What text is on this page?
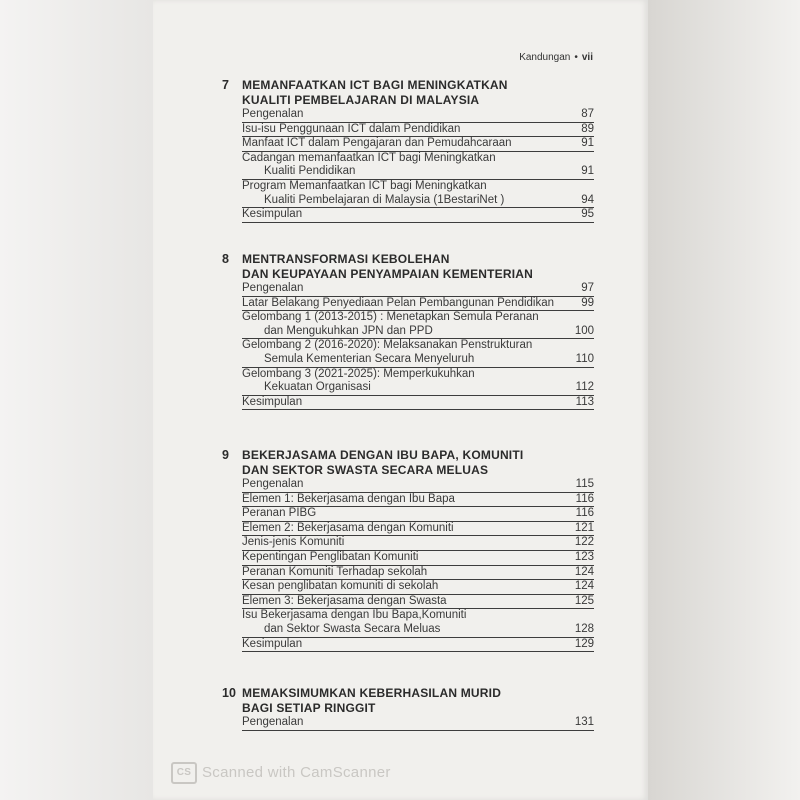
Kandungan • vii
7 MEMANFAATKAN ICT BAGI MENINGKATKAN
KUALITI PEMBELAJARAN DI MALAYSIA
Pengenalan	87
Isu-isu Penggunaan ICT dalam Pendidikan	89
Manfaat ICT dalam Pengajaran dan Pemudahcaraan	91
Cadangan memanfaatkan ICT bagi Meningkatkan
Kualiti Pendidikan	91
Program Memanfaatkan ICT bagi Meningkatkan
Kualiti Pembelajaran di Malaysia (1BestariNet )	94
Kesimpulan	95
8 MENTRANSFORMASI KEBOLEHAN
DAN KEUPAYAAN PENYAMPAIAN KEMENTERIAN
Pengenalan	97
Latar Belakang Penyediaan Pelan Pembangunan Pendidikan	99
Gelombang 1 (2013-2015) : Menetapkan Semula Peranan
dan Mengukuhkan JPN dan PPD	100
Gelombang 2 (2016-2020): Melaksanakan Penstrukturan
Semula Kementerian Secara Menyeluruh	110
Gelombang 3 (2021-2025): Memperkukuhkan
Kekuatan Organisasi	112
Kesimpulan	113
9 BEKERJASAMA DENGAN IBU BAPA, KOMUNITI
DAN SEKTOR SWASTA SECARA MELUAS
Pengenalan	115
Elemen 1: Bekerjasama dengan Ibu Bapa	116
Peranan PIBG	116
Elemen 2: Bekerjasama dengan Komuniti	121
Jenis-jenis Komuniti	122
Kepentingan Penglibatan Komuniti	123
Peranan Komuniti Terhadap sekolah	124
Kesan penglibatan komuniti di sekolah	124
Elemen 3: Bekerjasama dengan Swasta	125
Isu Bekerjasama dengan Ibu Bapa,Komuniti
dan Sektor Swasta Secara Meluas	128
Kesimpulan	129
10 MEMAKSIMUMKAN KEBERHASILAN MURID
BAGI SETIAP RINGGIT
Pengenalan	131
CS Scanned with CamScanner
